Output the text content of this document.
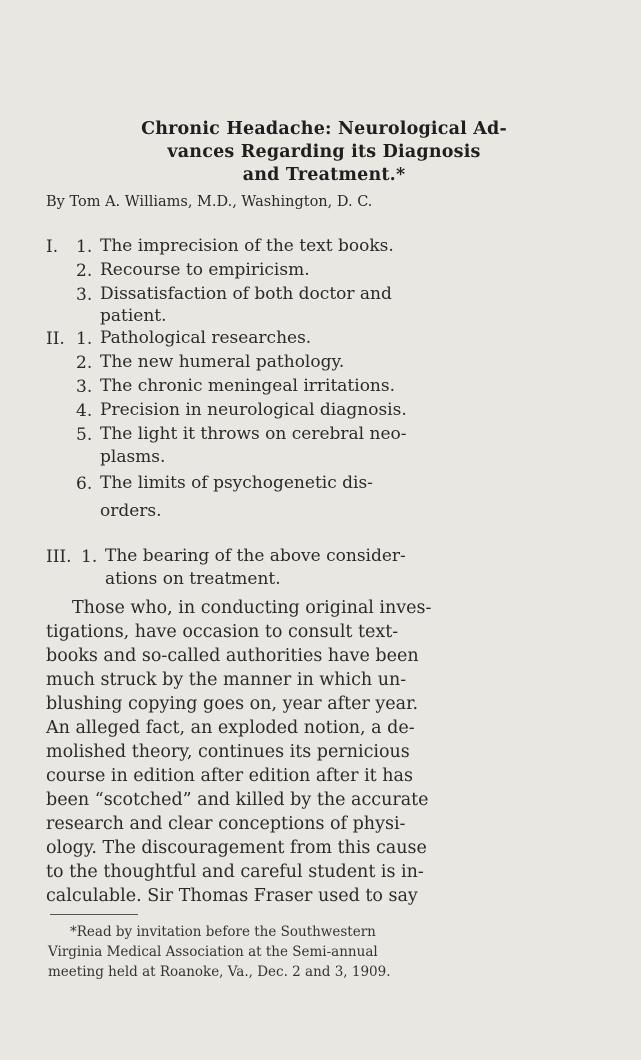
Chronic Headache: Neurological Ad-
vances Regarding its Diagnosis
and Treatment.*
By Tom A. Williams, M.D., Washington, D. C.
I. 1. The imprecision of the text books.
2. Recourse to empiricism.
3. Dissatisfaction of both doctor and
patient.
II. 1. Pathological researches.
2. The new humeral pathology.
3. The chronic meningeal irritations.
4. Precision in neurological diagnosis.
5. The light it throws on cerebral neo-
plasms.
6. The limits of psychogenetic dis-
orders.
III. 1. The bearing of the above consider-
ations on treatment.
Those who, in conducting original inves-
tigations, have occasion to consult text-
books and so-called authorities have been
much struck by the manner in which un-
blushing copying goes on, year after year.
An alleged fact, an exploded notion, a de-
molished theory, continues its pernicious
course in edition after edition after it has
been “scotched” and killed by the accurate
research and clear conceptions of physi-
ology. The discouragement from this cause
to the thoughtful and careful student is in-
calculable. Sir Thomas Fraser used to say
*Read by invitation before the Southwestern
Virginia Medical Association at the Semi-annual
meeting held at Roanoke, Va., Dec. 2 and 3, 1909.
